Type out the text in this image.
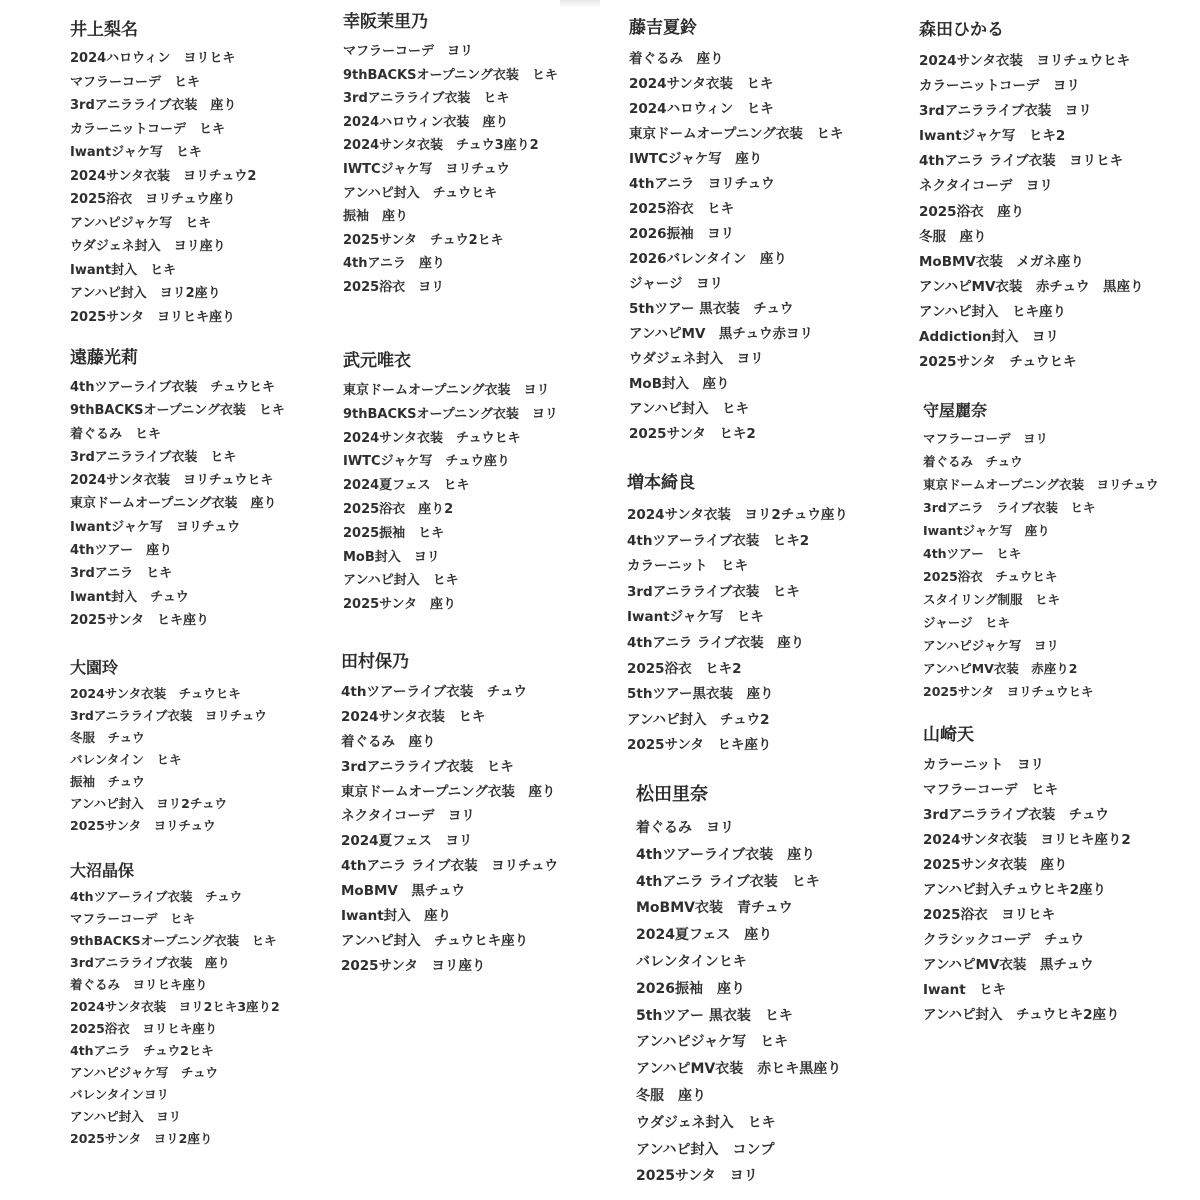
井上梨名
2024ハロウィン　ヨリヒキ
マフラーコーデ　ヒキ
3rdアニラライブ衣装　座り
カラーニットコーデ　ヒキ
Iwantジャケ写　ヒキ
2024サンタ衣装　ヨリチュウ2
2025浴衣　ヨリチュウ座り
アンハピジャケ写　ヒキ
ウダジェネ封入　ヨリ座り
Iwant封入　ヒキ
アンハピ封入　ヨリ2座り
2025サンタ　ヨリヒキ座り
遠藤光莉
4thツアーライブ衣装　チュウヒキ
9thBACKSオープニング衣装　ヒキ
着ぐるみ　ヒキ
3rdアニラライブ衣装　ヒキ
2024サンタ衣装　ヨリチュウヒキ
東京ドームオープニング衣装　座り
Iwantジャケ写　ヨリチュウ
4thツアー　座り
3rdアニラ　ヒキ
Iwant封入　チュウ
2025サンタ　ヒキ座り
大園玲
2024サンタ衣装　チュウヒキ
3rdアニラライブ衣装　ヨリチュウ
冬服　チュウ
バレンタイン　ヒキ
振袖　チュウ
アンハピ封入　ヨリ2チュウ
2025サンタ　ヨリチュウ
大沼晶保
4thツアーライブ衣装　チュウ
マフラーコーデ　ヒキ
9thBACKSオープニング衣装　ヒキ
3rdアニラライブ衣装　座り
着ぐるみ　ヨリヒキ座り
2024サンタ衣装　ヨリ2ヒキ3座り2
2025浴衣　ヨリヒキ座り
4thアニラ　チュウ2ヒキ
アンハピジャケ写　チュウ
バレンタインヨリ
アンハピ封入　ヨリ
2025サンタ　ヨリ2座り
幸阪茉里乃
マフラーコーデ　ヨリ
9thBACKSオープニング衣装　ヒキ
3rdアニラライブ衣装　ヒキ
2024ハロウィン衣装　座り
2024サンタ衣装　チュウ3座り2
IWTCジャケ写　ヨリチュウ
アンハピ封入　チュウヒキ
振袖　座り
2025サンタ　チュウ2ヒキ
4thアニラ　座り
2025浴衣　ヨリ
武元唯衣
東京ドームオープニング衣装　ヨリ
9thBACKSオープニング衣装　ヨリ
2024サンタ衣装　チュウヒキ
IWTCジャケ写　チュウ座り
2024夏フェス　ヒキ
2025浴衣　座り2
2025振袖　ヒキ
MoB封入　ヨリ
アンハピ封入　ヒキ
2025サンタ　座り
田村保乃
4thツアーライブ衣装　チュウ
2024サンタ衣装　ヒキ
着ぐるみ　座り
3rdアニラライブ衣装　ヒキ
東京ドームオープニング衣装　座り
ネクタイコーデ　ヨリ
2024夏フェス　ヨリ
4thアニラ ライブ衣装　ヨリチュウ
MoBMV　黒チュウ
Iwant封入　座り
アンハピ封入　チュウヒキ座り
2025サンタ　ヨリ座り
藤吉夏鈴
着ぐるみ　座り
2024サンタ衣装　ヒキ
2024ハロウィン　ヒキ
東京ドームオープニング衣装　ヒキ
IWTCジャケ写　座り
4thアニラ　ヨリチュウ
2025浴衣　ヒキ
2026振袖　ヨリ
2026バレンタイン　座り
ジャージ　ヨリ
5thツアー 黒衣装　チュウ
アンハピMV　黒チュウ赤ヨリ
ウダジェネ封入　ヨリ
MoB封入　座り
アンハピ封入　ヒキ
2025サンタ　ヒキ2
増本綺良
2024サンタ衣装　ヨリ2チュウ座り
4thツアーライブ衣装　ヒキ2
カラーニット　ヒキ
3rdアニラライブ衣装　ヒキ
Iwantジャケ写　ヒキ
4thアニラ ライブ衣装　座り
2025浴衣　ヒキ2
5thツアー黒衣装　座り
アンハピ封入　チュウ2
2025サンタ　ヒキ座り
松田里奈
着ぐるみ　ヨリ
4thツアーライブ衣装　座り
4thアニラ ライブ衣装　ヒキ
MoBMV衣装　青チュウ
2024夏フェス　座り
バレンタインヒキ
2026振袖　座り
5thツアー 黒衣装　ヒキ
アンハピジャケ写　ヒキ
アンハピMV衣装　赤ヒキ黒座り
冬服　座り
ウダジェネ封入　ヒキ
アンハピ封入　コンプ
2025サンタ　ヨリ
森田ひかる
2024サンタ衣装　ヨリチュウヒキ
カラーニットコーデ　ヨリ
3rdアニラライブ衣装　ヨリ
Iwantジャケ写　ヒキ2
4thアニラ ライブ衣装　ヨリヒキ
ネクタイコーデ　ヨリ
2025浴衣　座り
冬服　座り
MoBMV衣装　メガネ座り
アンハピMV衣装　赤チュウ　黒座り
アンハピ封入　ヒキ座り
Addiction封入　ヨリ
2025サンタ　チュウヒキ
守屋麗奈
マフラーコーデ　ヨリ
着ぐるみ　チュウ
東京ドームオープニング衣装　ヨリチュウ
3rdアニラ　ライブ衣装　ヒキ
Iwantジャケ写　座り
4thツアー　ヒキ
2025浴衣　チュウヒキ
スタイリング制服　ヒキ
ジャージ　ヒキ
アンハピジャケ写　ヨリ
アンハピMV衣装　赤座り2
2025サンタ　ヨリチュウヒキ
山崎天
カラーニット　ヨリ
マフラーコーデ　ヒキ
3rdアニラライブ衣装　チュウ
2024サンタ衣装　ヨリヒキ座り2
2025サンタ衣装　座り
アンハピ封入チュウヒキ2座り
2025浴衣　ヨリヒキ
クラシックコーデ　チュウ
アンハピMV衣装　黒チュウ
Iwant　ヒキ
アンハピ封入　チュウヒキ2座り
